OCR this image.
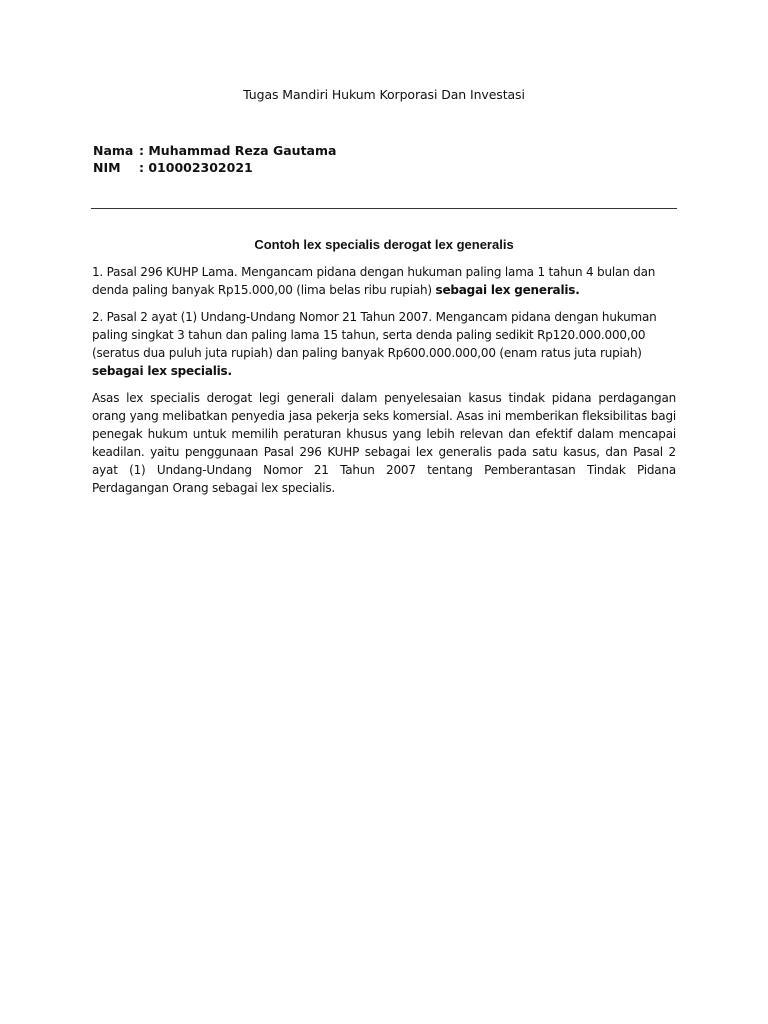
Tugas Mandiri Hukum Korporasi Dan Investasi
Nama : Muhammad Reza Gautama
NIM : 010002302021
Contoh lex specialis derogat lex generalis

1. Pasal 296 KUHP Lama. Mengancam pidana dengan hukuman paling lama 1 tahun 4 bulan dan denda paling banyak Rp15.000,00 (lima belas ribu rupiah) sebagai lex generalis.

2. Pasal 2 ayat (1) Undang-Undang Nomor 21 Tahun 2007. Mengancam pidana dengan hukuman paling singkat 3 tahun dan paling lama 15 tahun, serta denda paling sedikit Rp120.000.000,00 (seratus dua puluh juta rupiah) dan paling banyak Rp600.000.000,00 (enam ratus juta rupiah) sebagai lex specialis.

Asas lex specialis derogat legi generali dalam penyelesaian kasus tindak pidana perdagangan orang yang melibatkan penyedia jasa pekerja seks komersial. Asas ini memberikan fleksibilitas bagi penegak hukum untuk memilih peraturan khusus yang lebih relevan dan efektif dalam mencapai keadilan. yaitu penggunaan Pasal 296 KUHP sebagai lex generalis pada satu kasus, dan Pasal 2 ayat (1) Undang-Undang Nomor 21 Tahun 2007 tentang Pemberantasan Tindak Pidana Perdagangan Orang sebagai lex specialis.
